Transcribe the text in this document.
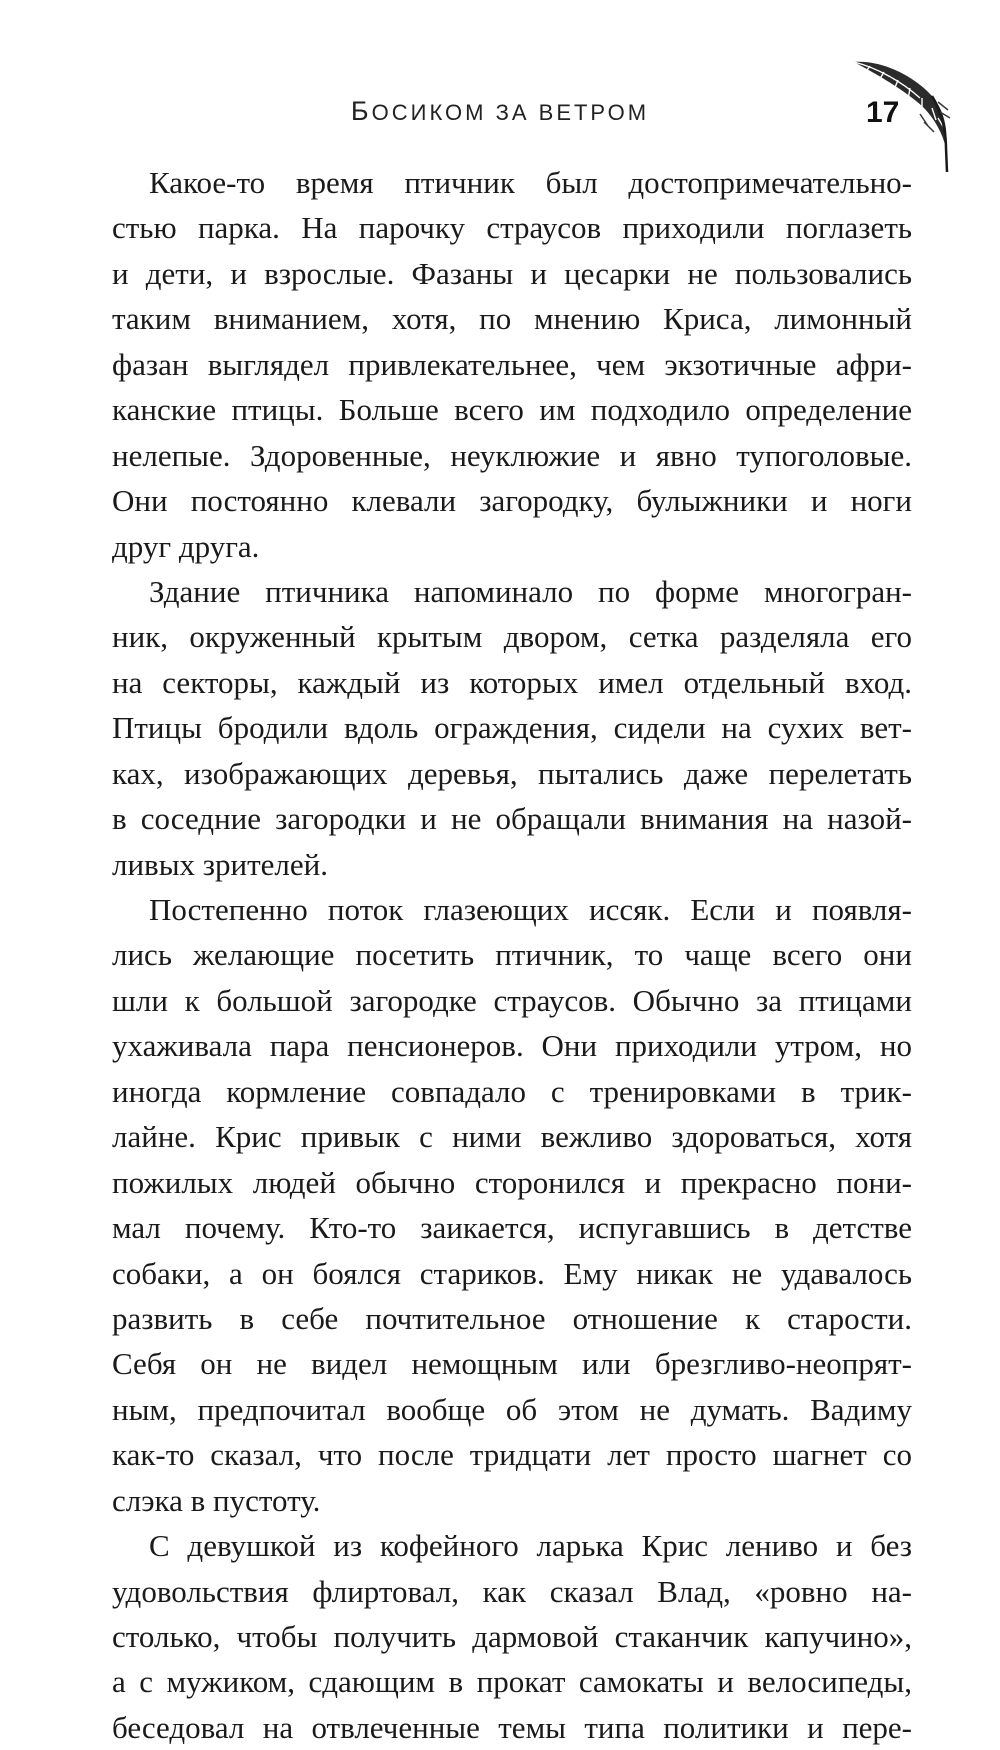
БОСИКОМ ЗА ВЕТРОМ	17
Какое-то время птичник был достопримечательно-
стью парка. На парочку страусов приходили поглазеть
и дети, и взрослые. Фазаны и цесарки не пользовались
таким вниманием, хотя, по мнению Криса, лимонный
фазан выглядел привлекательнее, чем экзотичные афри-
канские птицы. Больше всего им подходило определение
нелепые. Здоровенные, неуклюжие и явно тупоголовые.
Они постоянно клевали загородку, булыжники и ноги
друг друга.
Здание птичника напоминало по форме многогран-
ник, окруженный крытым двором, сетка разделяла его
на секторы, каждый из которых имел отдельный вход.
Птицы бродили вдоль ограждения, сидели на сухих вет-
ках, изображающих деревья, пытались даже перелетать
в соседние загородки и не обращали внимания на назой-
ливых зрителей.
Постепенно поток глазеющих иссяк. Если и появля-
лись желающие посетить птичник, то чаще всего они
шли к большой загородке страусов. Обычно за птицами
ухаживала пара пенсионеров. Они приходили утром, но
иногда кормление совпадало с тренировками в трик-
лайне. Крис привык с ними вежливо здороваться, хотя
пожилых людей обычно сторонился и прекрасно пони-
мал почему. Кто-то заикается, испугавшись в детстве
собаки, а он боялся стариков. Ему никак не удавалось
развить в себе почтительное отношение к старости.
Себя он не видел немощным или брезгливо-неопрят-
ным, предпочитал вообще об этом не думать. Вадиму
как-то сказал, что после тридцати лет просто шагнет со
слэка в пустоту.
С девушкой из кофейного ларька Крис лениво и без
удовольствия флиртовал, как сказал Влад, «ровно на-
столько, чтобы получить дармовой стаканчик капучино»,
а с мужиком, сдающим в прокат самокаты и велосипеды,
беседовал на отвлеченные темы типа политики и пере-
